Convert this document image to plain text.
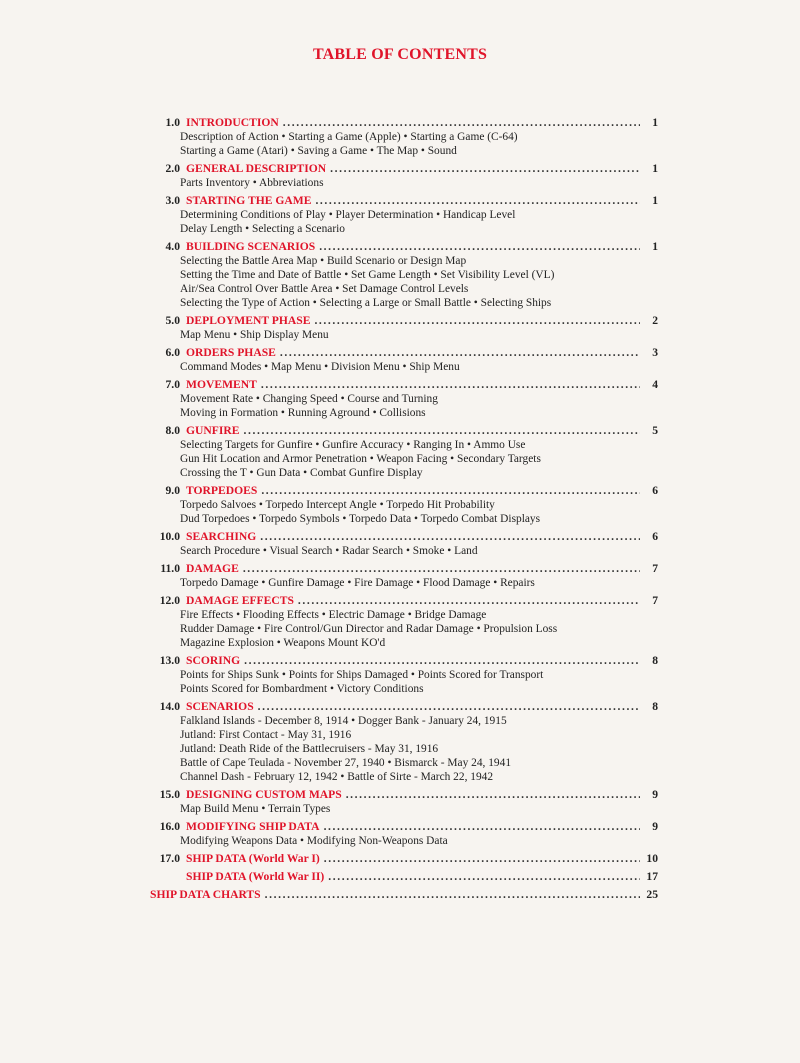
TABLE OF CONTENTS
1.0 INTRODUCTION .....	1
Description of Action • Starting a Game (Apple) • Starting a Game (C-64)
Starting a Game (Atari) • Saving a Game • The Map • Sound
2.0 GENERAL DESCRIPTION .....	1
Parts Inventory • Abbreviations
3.0 STARTING THE GAME .....	1
Determining Conditions of Play • Player Determination • Handicap Level
Delay Length • Selecting a Scenario
4.0 BUILDING SCENARIOS .....	1
Selecting the Battle Area Map • Build Scenario or Design Map
Setting the Time and Date of Battle • Set Game Length • Set Visibility Level (VL)
Air/Sea Control Over Battle Area • Set Damage Control Levels
Selecting the Type of Action • Selecting a Large or Small Battle • Selecting Ships
5.0 DEPLOYMENT PHASE .....	2
Map Menu • Ship Display Menu
6.0 ORDERS PHASE .....	3
Command Modes • Map Menu • Division Menu • Ship Menu
7.0 MOVEMENT .....	4
Movement Rate • Changing Speed • Course and Turning
Moving in Formation • Running Aground • Collisions
8.0 GUNFIRE .....	5
Selecting Targets for Gunfire • Gunfire Accuracy • Ranging In • Ammo Use
Gun Hit Location and Armor Penetration • Weapon Facing • Secondary Targets
Crossing the T • Gun Data • Combat Gunfire Display
9.0 TORPEDOES .....	6
Torpedo Salvoes • Torpedo Intercept Angle • Torpedo Hit Probability
Dud Torpedoes • Torpedo Symbols • Torpedo Data • Torpedo Combat Displays
10.0 SEARCHING .....	6
Search Procedure • Visual Search • Radar Search • Smoke • Land
11.0 DAMAGE .....	7
Torpedo Damage • Gunfire Damage • Fire Damage • Flood Damage • Repairs
12.0 DAMAGE EFFECTS .....	7
Fire Effects • Flooding Effects • Electric Damage • Bridge Damage
Rudder Damage • Fire Control/Gun Director and Radar Damage • Propulsion Loss
Magazine Explosion • Weapons Mount KO'd
13.0 SCORING .....	8
Points for Ships Sunk • Points for Ships Damaged • Points Scored for Transport
Points Scored for Bombardment • Victory Conditions
14.0 SCENARIOS .....	8
Falkland Islands - December 8, 1914 • Dogger Bank - January 24, 1915
Jutland: First Contact - May 31, 1916
Jutland: Death Ride of the Battlecruisers - May 31, 1916
Battle of Cape Teulada - November 27, 1940 • Bismarck - May 24, 1941
Channel Dash - February 12, 1942 • Battle of Sirte - March 22, 1942
15.0 DESIGNING CUSTOM MAPS .....	9
Map Build Menu • Terrain Types
16.0 MODIFYING SHIP DATA .....	9
Modifying Weapons Data • Modifying Non-Weapons Data
17.0 SHIP DATA (World War I) .....	10
SHIP DATA (World War II) .....	17
SHIP DATA CHARTS .....	25
